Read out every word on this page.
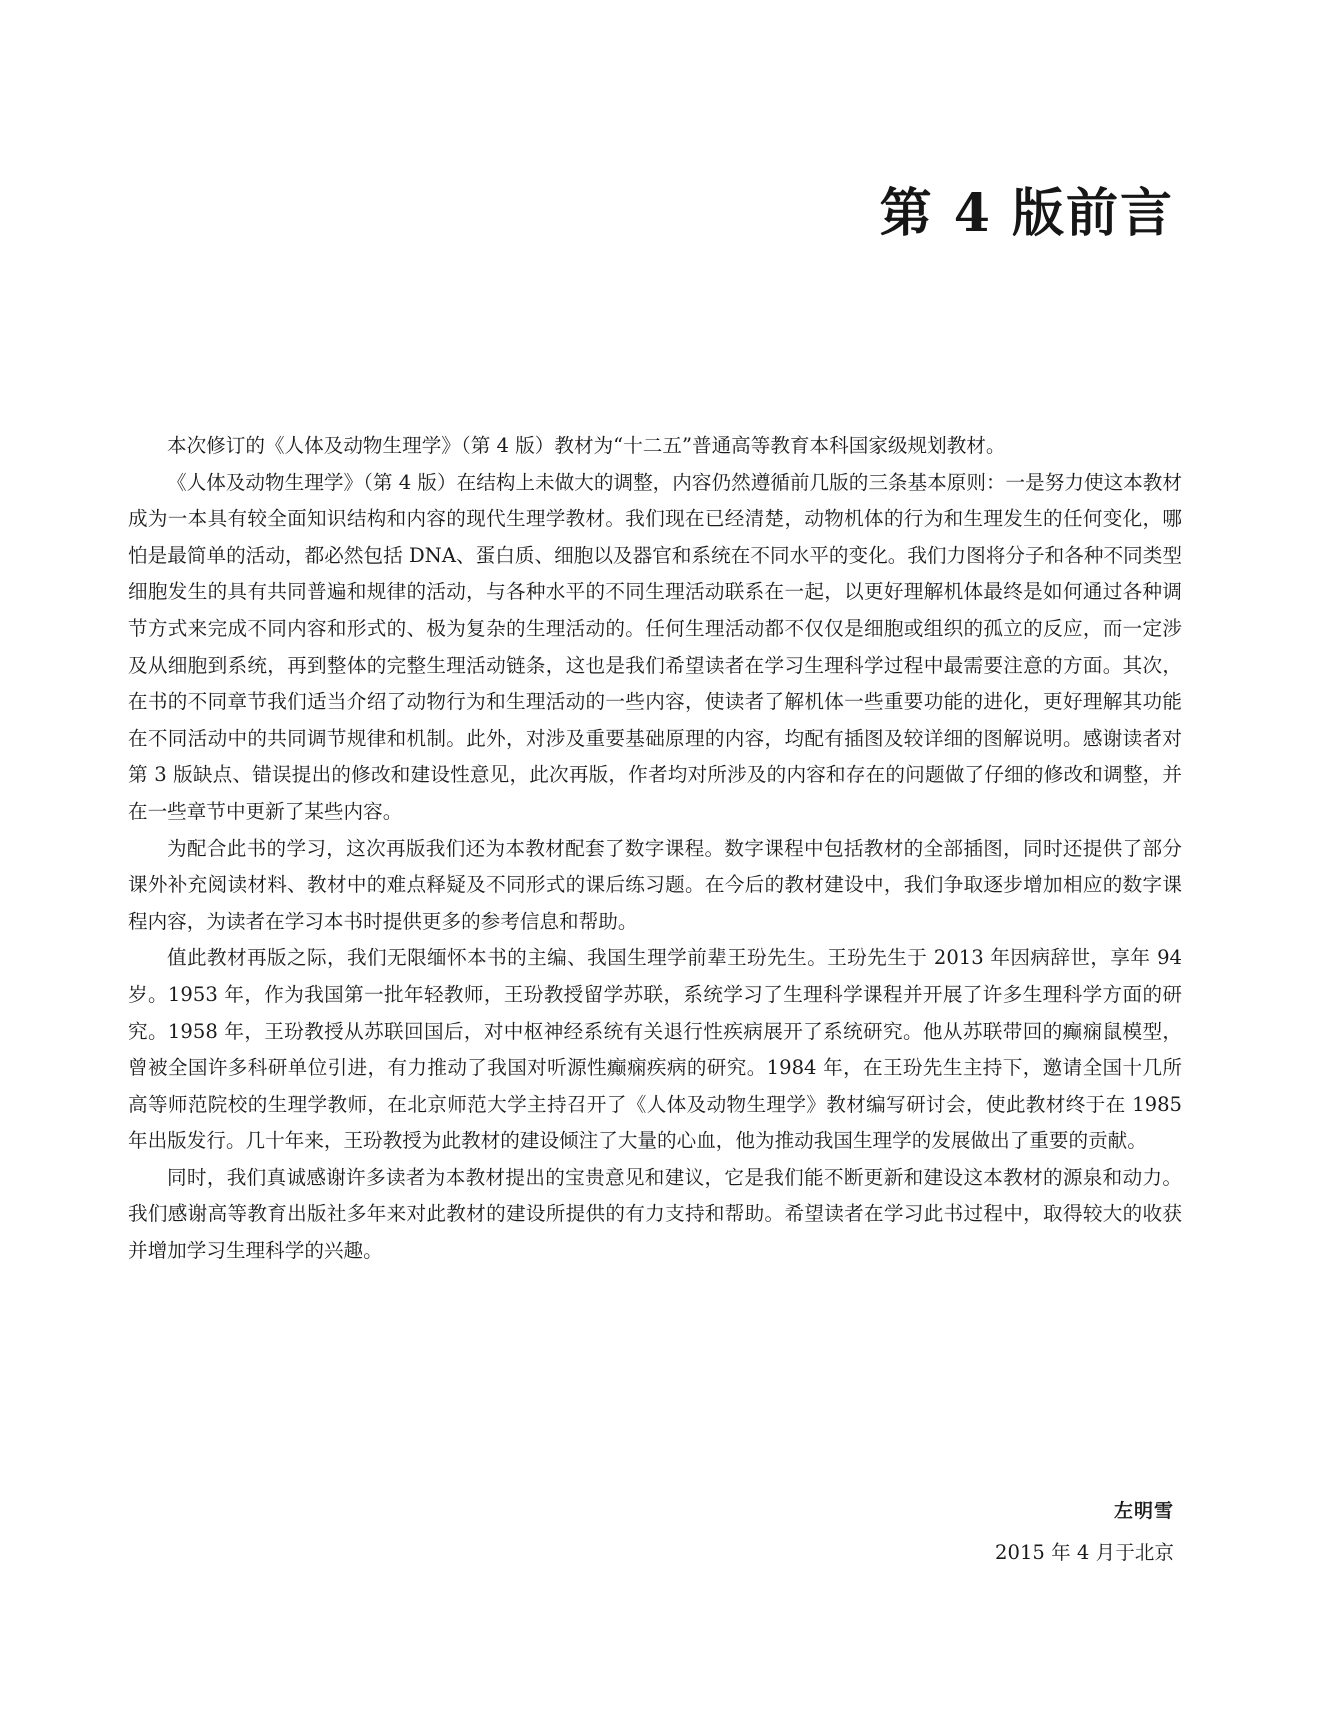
第 4 版前言

本次修订的《人体及动物生理学》（第 4 版）教材为“十二五”普通高等教育本科国家级规划教材。

《人体及动物生理学》（第 4 版）在结构上未做大的调整，内容仍然遵循前几版的三条基本原则：一是努力使这本教材成为一本具有较全面知识结构和内容的现代生理学教材。我们现在已经清楚，动物机体的行为和生理发生的任何变化，哪怕是最简单的活动，都必然包括 DNA、蛋白质、细胞以及器官和系统在不同水平的变化。我们力图将分子和各种不同类型细胞发生的具有共同普遍和规律的活动，与各种水平的不同生理活动联系在一起，以更好理解机体最终是如何通过各种调节方式来完成不同内容和形式的、极为复杂的生理活动的。任何生理活动都不仅仅是细胞或组织的孤立的反应，而一定涉及从细胞到系统，再到整体的完整生理活动链条，这也是我们希望读者在学习生理科学过程中最需要注意的方面。其次，在书的不同章节我们适当介绍了动物行为和生理活动的一些内容，使读者了解机体一些重要功能的进化，更好理解其功能在不同活动中的共同调节规律和机制。此外，对涉及重要基础原理的内容，均配有插图及较详细的图解说明。感谢读者对第 3 版缺点、错误提出的修改和建设性意见，此次再版，作者均对所涉及的内容和存在的问题做了仔细的修改和调整，并在一些章节中更新了某些内容。

为配合此书的学习，这次再版我们还为本教材配套了数字课程。数字课程中包括教材的全部插图，同时还提供了部分课外补充阅读材料、教材中的难点释疑及不同形式的课后练习题。在今后的教材建设中，我们争取逐步增加相应的数字课程内容，为读者在学习本书时提供更多的参考信息和帮助。

值此教材再版之际，我们无限缅怀本书的主编、我国生理学前辈王玢先生。王玢先生于 2013 年因病辞世，享年 94 岁。1953 年，作为我国第一批年轻教师，王玢教授留学苏联，系统学习了生理科学课程并开展了许多生理科学方面的研究。1958 年，王玢教授从苏联回国后，对中枢神经系统有关退行性疾病展开了系统研究。他从苏联带回的癫痫鼠模型，曾被全国许多科研单位引进，有力推动了我国对听源性癫痫疾病的研究。1984 年，在王玢先生主持下，邀请全国十几所高等师范院校的生理学教师，在北京师范大学主持召开了《人体及动物生理学》教材编写研讨会，使此教材终于在 1985 年出版发行。几十年来，王玢教授为此教材的建设倾注了大量的心血，他为推动我国生理学的发展做出了重要的贡献。

同时，我们真诚感谢许多读者为本教材提出的宝贵意见和建议，它是我们能不断更新和建设这本教材的源泉和动力。我们感谢高等教育出版社多年来对此教材的建设所提供的有力支持和帮助。希望读者在学习此书过程中，取得较大的收获并增加学习生理科学的兴趣。

左明雪
2015 年 4 月于北京
